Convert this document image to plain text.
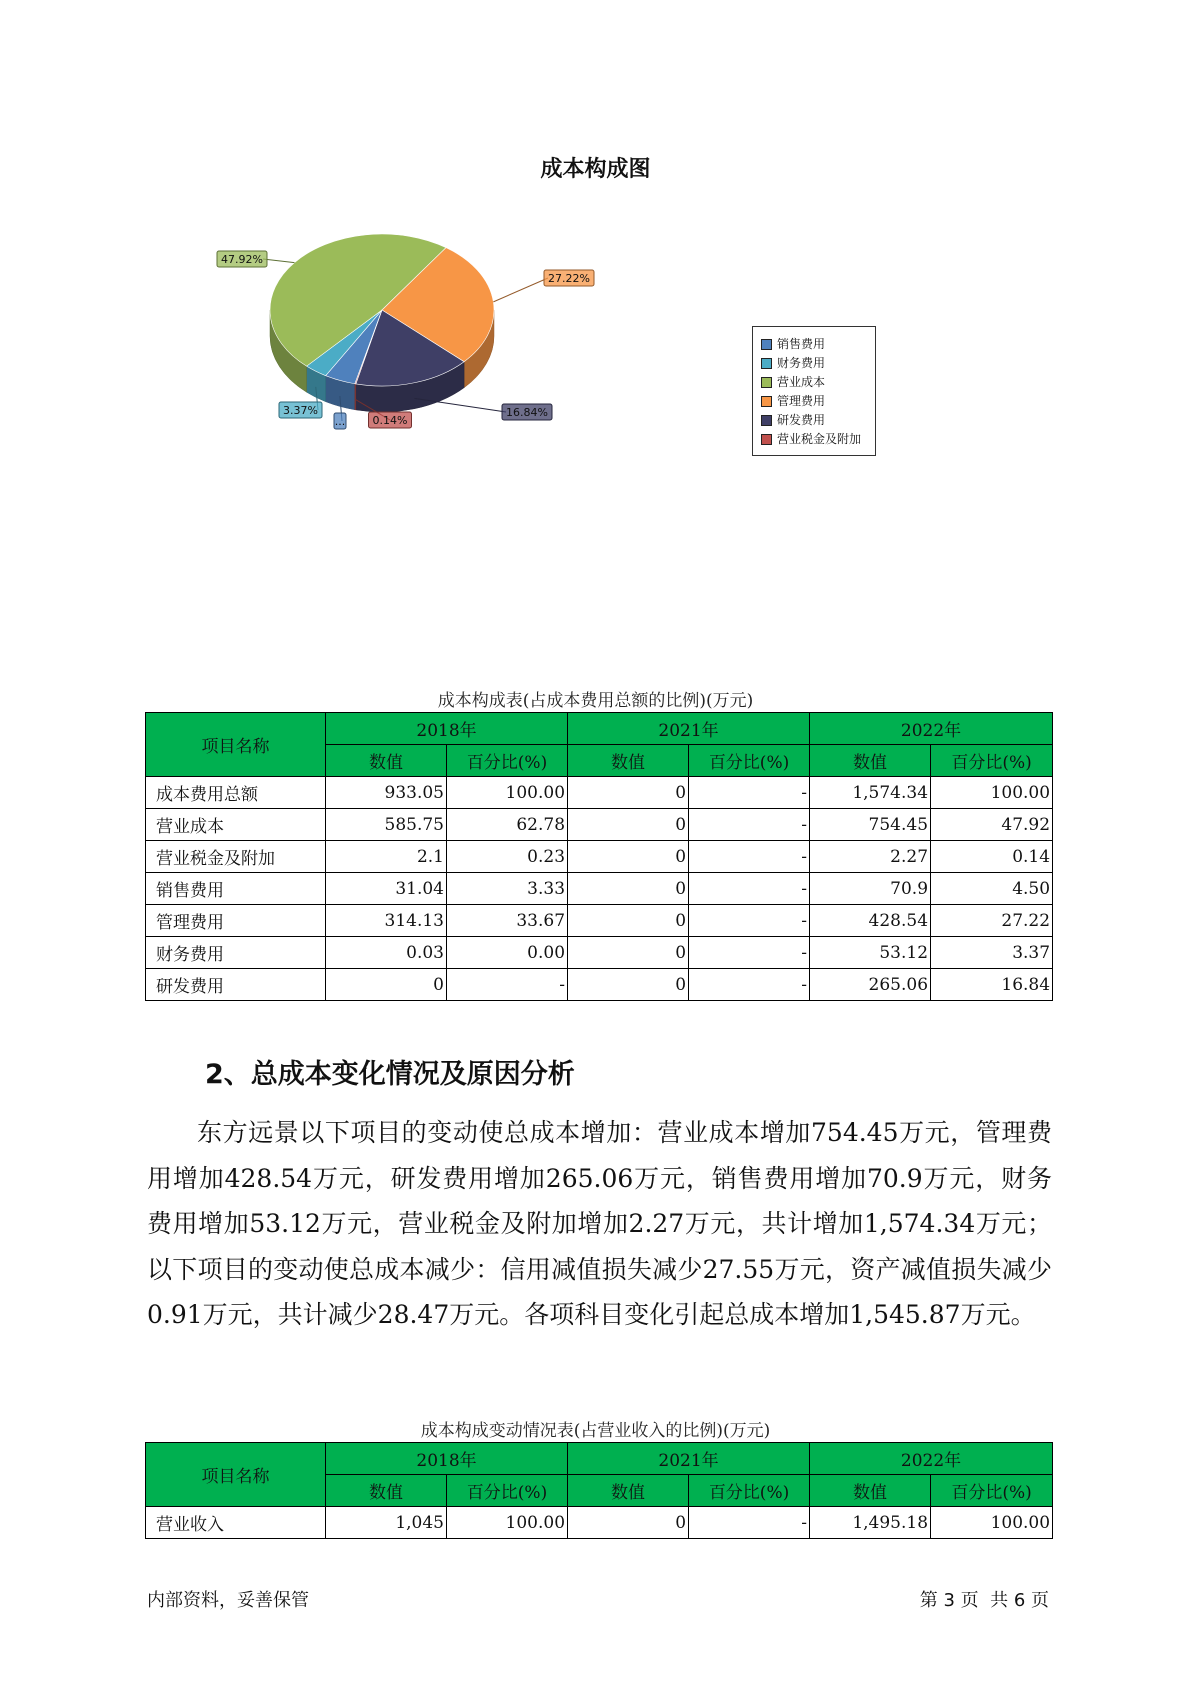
成本构成图
...
3.37%
47.92%
27.22%
16.84%
0.14%
销售费用
财务费用
营业成本
管理费用
研发费用
营业税金及附加
成本构成表(占成本费用总额的比例)(万元)
项目名称	2018年		2021年		2022年	
	数值	百分比(%)	数值	百分比(%)	数值	百分比(%)
成本费用总额	933.05	100.00	0	-	1,574.34	100.00
营业成本	585.75	62.78	0	-	754.45	47.92
营业税金及附加	2.1	0.23	0	-	2.27	0.14
销售费用	31.04	3.33	0	-	70.9	4.50
管理费用	314.13	33.67	0	-	428.54	27.22
财务费用	0.03	0.00	0	-	53.12	3.37
研发费用	0	-	0	-	265.06	16.84
2、总成本变化情况及原因分析
东方远景以下项目的变动使总成本增加：营业成本增加754.45万元，管理费用增加428.54万元，研发费用增加265.06万元，销售费用增加70.9万元，财务费用增加53.12万元，营业税金及附加增加2.27万元，共计增加1,574.34万元；以下项目的变动使总成本减少：信用减值损失减少27.55万元，资产减值损失减少0.91万元，共计减少28.47万元。各项科目变化引起总成本增加1,545.87万元。
成本构成变动情况表(占营业收入的比例)(万元)
项目名称	2018年		2021年		2022年	
	数值	百分比(%)	数值	百分比(%)	数值	百分比(%)
营业收入	1,045	100.00	0	-	1,495.18	100.00
内部资料，妥善保管	第 3 页  共 6 页
